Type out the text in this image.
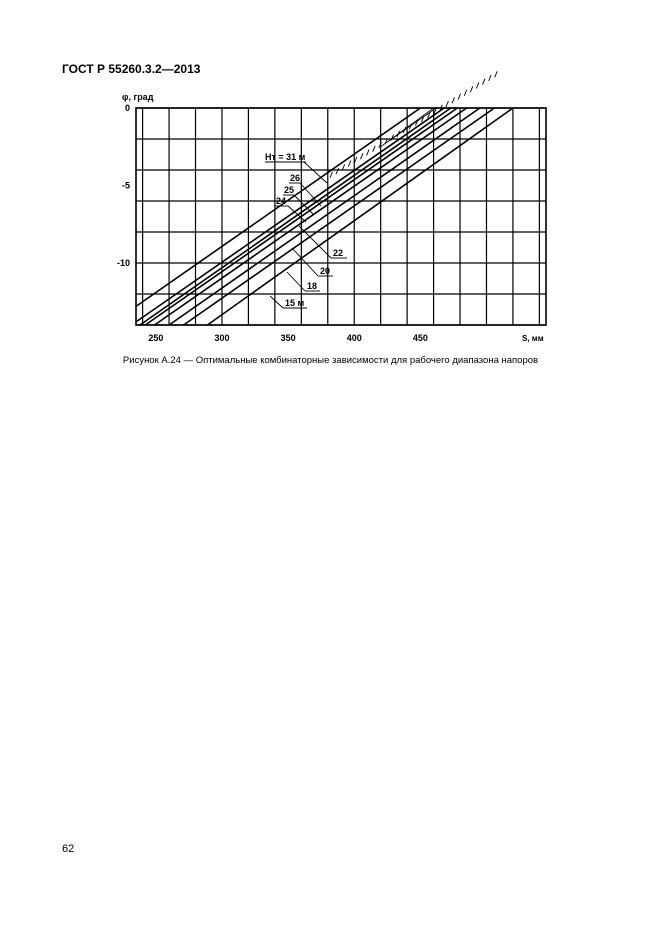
ГОСТ Р 55260.3.2—2013
250	300	350	400	450
0
-5
-10
φ, град
S, мм
Hт = 31 м
26
25
24
22
20
18
15 м
Рисунок А.24 — Оптимальные комбинаторные зависимости для рабочего диапазона напоров
62
